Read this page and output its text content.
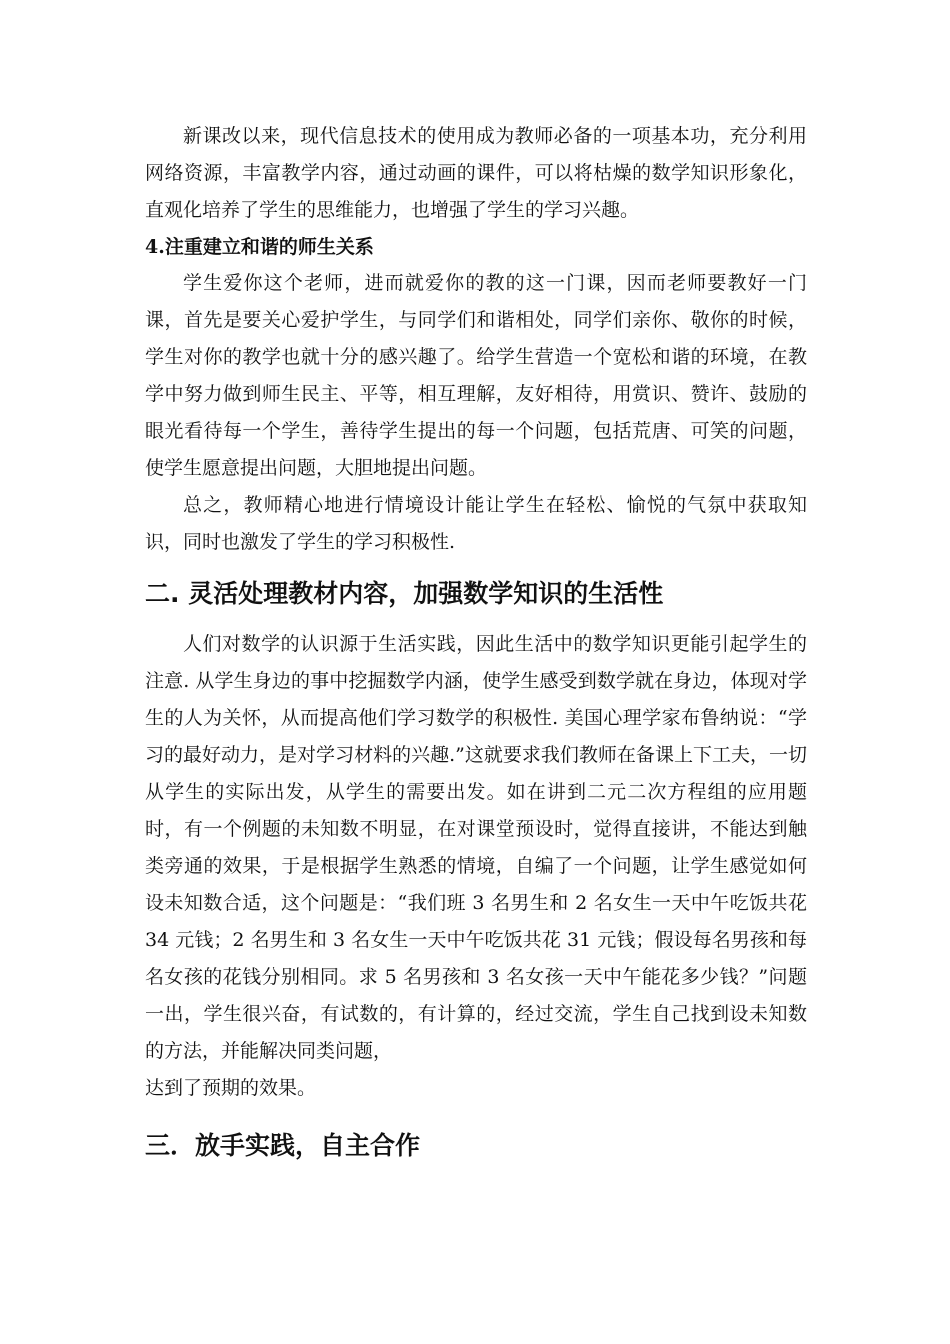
新课改以来，现代信息技术的使用成为教师必备的一项基本功，充分利用网络资源，丰富教学内容，通过动画的课件，可以将枯燥的数学知识形象化，直观化培养了学生的思维能力，也增强了学生的学习兴趣。

4.注重建立和谐的师生关系

学生爱你这个老师，进而就爱你的教的这一门课，因而老师要教好一门课，首先是要关心爱护学生，与同学们和谐相处，同学们亲你、敬你的时候，学生对你的教学也就十分的感兴趣了。给学生营造一个宽松和谐的环境，在教学中努力做到师生民主、平等，相互理解，友好相待，用赏识、赞许、鼓励的眼光看待每一个学生，善待学生提出的每一个问题，包括荒唐、可笑的问题，使学生愿意提出问题，大胆地提出问题。

总之，教师精心地进行情境设计能让学生在轻松、愉悦的气氛中获取知识，同时也激发了学生的学习积极性.

二. 灵活处理教材内容，加强数学知识的生活性

人们对数学的认识源于生活实践，因此生活中的数学知识更能引起学生的注意. 从学生身边的事中挖掘数学内涵，使学生感受到数学就在身边，体现对学生的人为关怀，从而提高他们学习数学的积极性. 美国心理学家布鲁纳说：“学习的最好动力，是对学习材料的兴趣.”这就要求我们教师在备课上下工夫，一切从学生的实际出发，从学生的需要出发。如在讲到二元二次方程组的应用题时，有一个例题的未知数不明显，在对课堂预设时，觉得直接讲，不能达到触类旁通的效果，于是根据学生熟悉的情境，自编了一个问题，让学生感觉如何设未知数合适，这个问题是：“我们班 3 名男生和 2 名女生一天中午吃饭共花 34 元钱；2 名男生和 3 名女生一天中午吃饭共花 31 元钱；假设每名男孩和每名女孩的花钱分别相同。求 5 名男孩和 3 名女孩一天中午能花多少钱？”问题一出，学生很兴奋，有试数的，有计算的，经过交流，学生自己找到设未知数的方法，并能解决同类问题，

达到了预期的效果。

三．放手实践，自主合作
